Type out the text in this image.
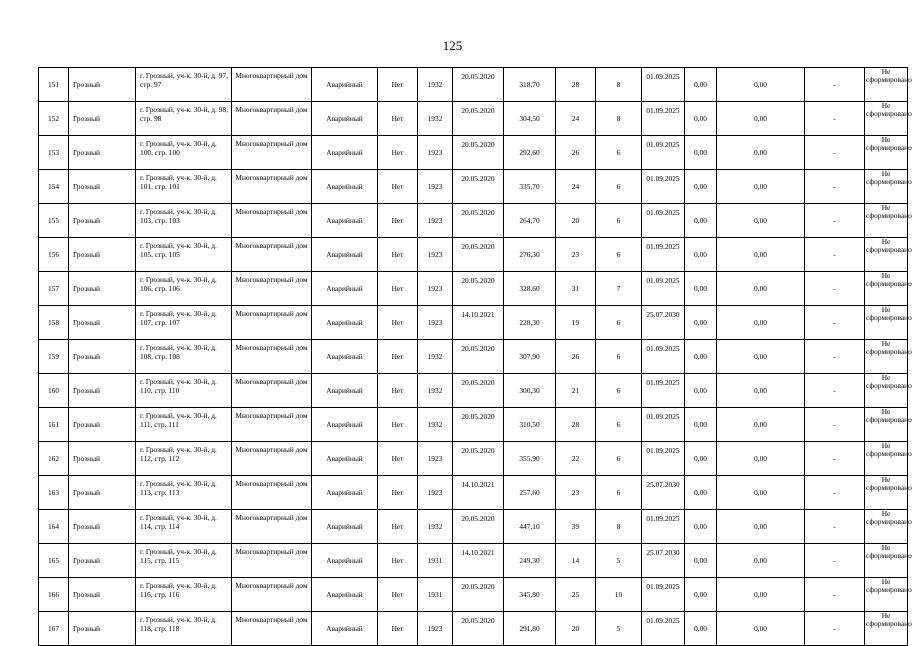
125
151	Грозный	г. Грозный, уч-к. 30-й, д. 97, стр. 97	Многоквартирный дом	Аварийный	Нет	1932	20.05.2020	318,70	28	8	01.09.2025	0,00	0,00	-	Не сформировано
152	Грозный	г. Грозный, уч-к. 30-й, д. 98, стр. 98	Многоквартирный дом	Аварийный	Нет	1932	20.05.2020	304,50	24	8	01.09.2025	0,00	0,00	-	Не сформировано
153	Грозный	г. Грозный, уч-к. 30-й, д. 100, стр. 100	Многоквартирный дом	Аварийный	Нет	1923	20.05.2020	292,60	26	6	01.09.2025	0,00	0,00	-	Не сформировано
154	Грозный	г. Грозный, уч-к. 30-й, д. 101, стр. 101	Многоквартирный дом	Аварийный	Нет	1923	20.05.2020	335,70	24	6	01.09.2025	0,00	0,00	-	Не сформировано
155	Грозный	г. Грозный, уч-к. 30-й, д. 103, стр. 103	Многоквартирный дом	Аварийный	Нет	1923	20.05.2020	264,70	20	6	01.09.2025	0,00	0,00	-	Не сформировано
156	Грозный	г. Грозный, уч-к. 30-й, д. 105, стр. 105	Многоквартирный дом	Аварийный	Нет	1923	20.05.2020	276,30	23	6	01.09.2025	0,00	0,00	-	Не сформировано
157	Грозный	г. Грозный, уч-к. 30-й, д. 106, стр. 106	Многоквартирный дом	Аварийный	Нет	1923	20.05.2020	328,60	31	7	01.09.2025	0,00	0,00	-	Не сформировано
158	Грозный	г. Грозный, уч-к. 30-й, д. 107, стр. 107	Многоквартирный дом	Аварийный	Нет	1923	14.10.2021	228,30	19	6	25.07.2030	0,00	0,00	-	Не сформировано
159	Грозный	г. Грозный, уч-к. 30-й, д. 108, стр. 108	Многоквартирный дом	Аварийный	Нет	1932	20.05.2020	307,90	26	6	01.09.2025	0,00	0,00	-	Не сформировано
160	Грозный	г. Грозный, уч-к. 30-й, д. 110, стр. 110	Многоквартирный дом	Аварийный	Нет	1932	20.05.2020	300,30	21	6	01.09.2025	0,00	0,00	-	Не сформировано
161	Грозный	г. Грозный, уч-к. 30-й, д. 111, стр. 111	Многоквартирный дом	Аварийный	Нет	1932	20.05.2020	310,50	28	6	01.09.2025	0,00	0,00	-	Не сформировано
162	Грозный	г. Грозный, уч-к. 30-й, д. 112, стр. 112	Многоквартирный дом	Аварийный	Нет	1923	20.05.2020	355,90	22	6	01.09.2025	0,00	0,00	-	Не сформировано
163	Грозный	г. Грозный, уч-к. 30-й, д. 113, стр. 113	Многоквартирный дом	Аварийный	Нет	1923	14.10.2021	257,60	23	6	25.07.2030	0,00	0,00	-	Не сформировано
164	Грозный	г. Грозный, уч-к. 30-й, д. 114, стр. 114	Многоквартирный дом	Аварийный	Нет	1932	20.05.2020	447,10	39	8	01.09.2025	0,00	0,00	-	Не сформировано
165	Грозный	г. Грозный, уч-к. 30-й, д. 115, стр. 115	Многоквартирный дом	Аварийный	Нет	1931	14.10.2021	249,30	14	5	25.07.2030	0,00	0,00	-	Не сформировано
166	Грозный	г. Грозный, уч-к. 30-й, д. 116, стр. 116	Многоквартирный дом	Аварийный	Нет	1931	20.05.2020	345,80	25	10	01.09.2025	0,00	0,00	-	Не сформировано
167	Грозный	г. Грозный, уч-к. 30-й, д. 118, стр. 118	Многоквартирный дом	Аварийный	Нет	1923	20.05.2020	291,80	20	5	01.09.2025	0,00	0,00	-	Не сформировано
